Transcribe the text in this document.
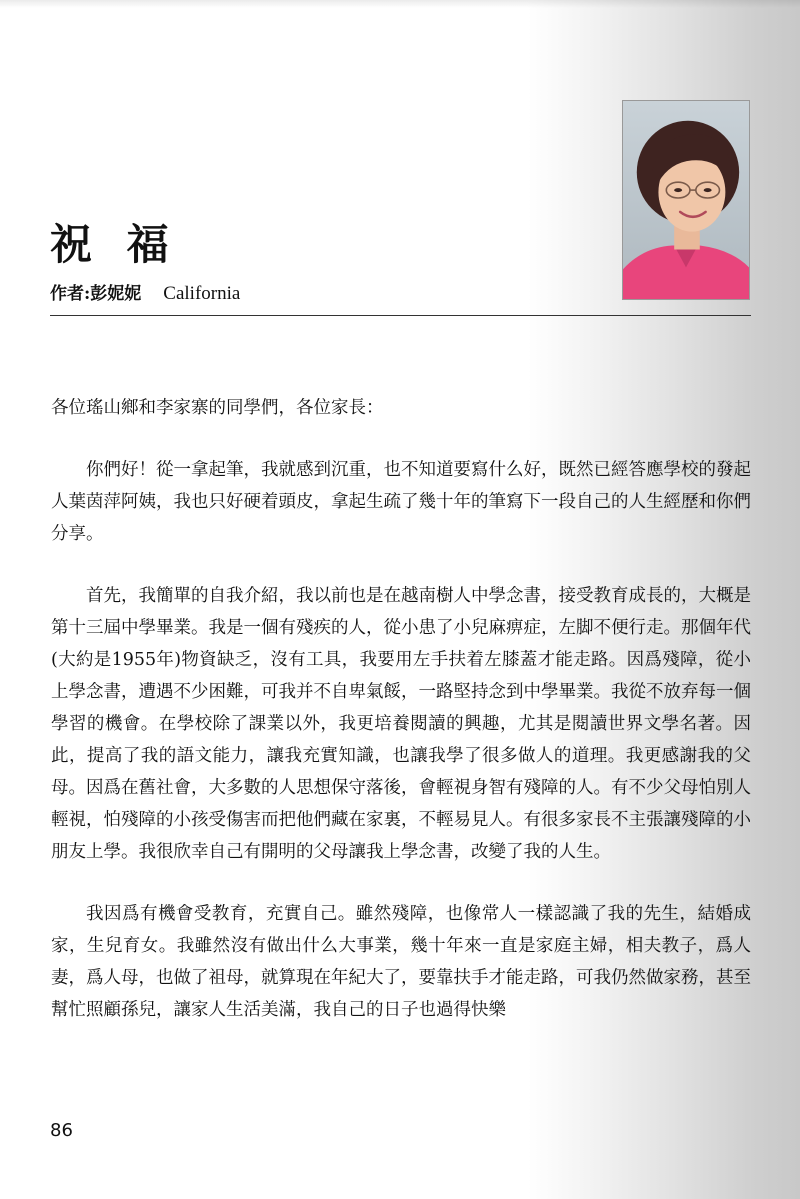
祝 福
作者:彭妮妮 California

各位瑤山鄉和李家寨的同學們，各位家長：

你們好！從一拿起筆，我就感到沉重，也不知道要寫什么好，既然已經答應學校的發起人葉茵萍阿姨，我也只好硬着頭皮，拿起生疏了幾十年的筆寫下一段自己的人生經歷和你們分享。

首先，我簡單的自我介紹，我以前也是在越南樹人中學念書，接受教育成長的，大概是第十三屆中學畢業。我是一個有殘疾的人，從小患了小兒麻痹症，左脚不便行走。那個年代(大約是1955年)物資缺乏，沒有工具，我要用左手扶着左膝蓋才能走路。因爲殘障，從小上學念書，遭遇不少困難，可我并不自卑氣餒，一路堅持念到中學畢業。我從不放弃每一個學習的機會。在學校除了課業以外，我更培養閱讀的興趣，尤其是閱讀世界文學名著。因此，提高了我的語文能力，讓我充實知識，也讓我學了很多做人的道理。我更感謝我的父母。因爲在舊社會，大多數的人思想保守落後，會輕視身智有殘障的人。有不少父母怕別人輕視，怕殘障的小孩受傷害而把他們藏在家裏，不輕易見人。有很多家長不主張讓殘障的小朋友上學。我很欣幸自己有開明的父母讓我上學念書，改變了我的人生。

我因爲有機會受教育，充實自己。雖然殘障，也像常人一樣認識了我的先生，結婚成家，生兒育女。我雖然沒有做出什么大事業，幾十年來一直是家庭主婦，相夫教子，爲人妻，爲人母，也做了祖母，就算現在年紀大了，要靠扶手才能走路，可我仍然做家務，甚至幫忙照顧孫兒，讓家人生活美滿，我自己的日子也過得快樂

86
